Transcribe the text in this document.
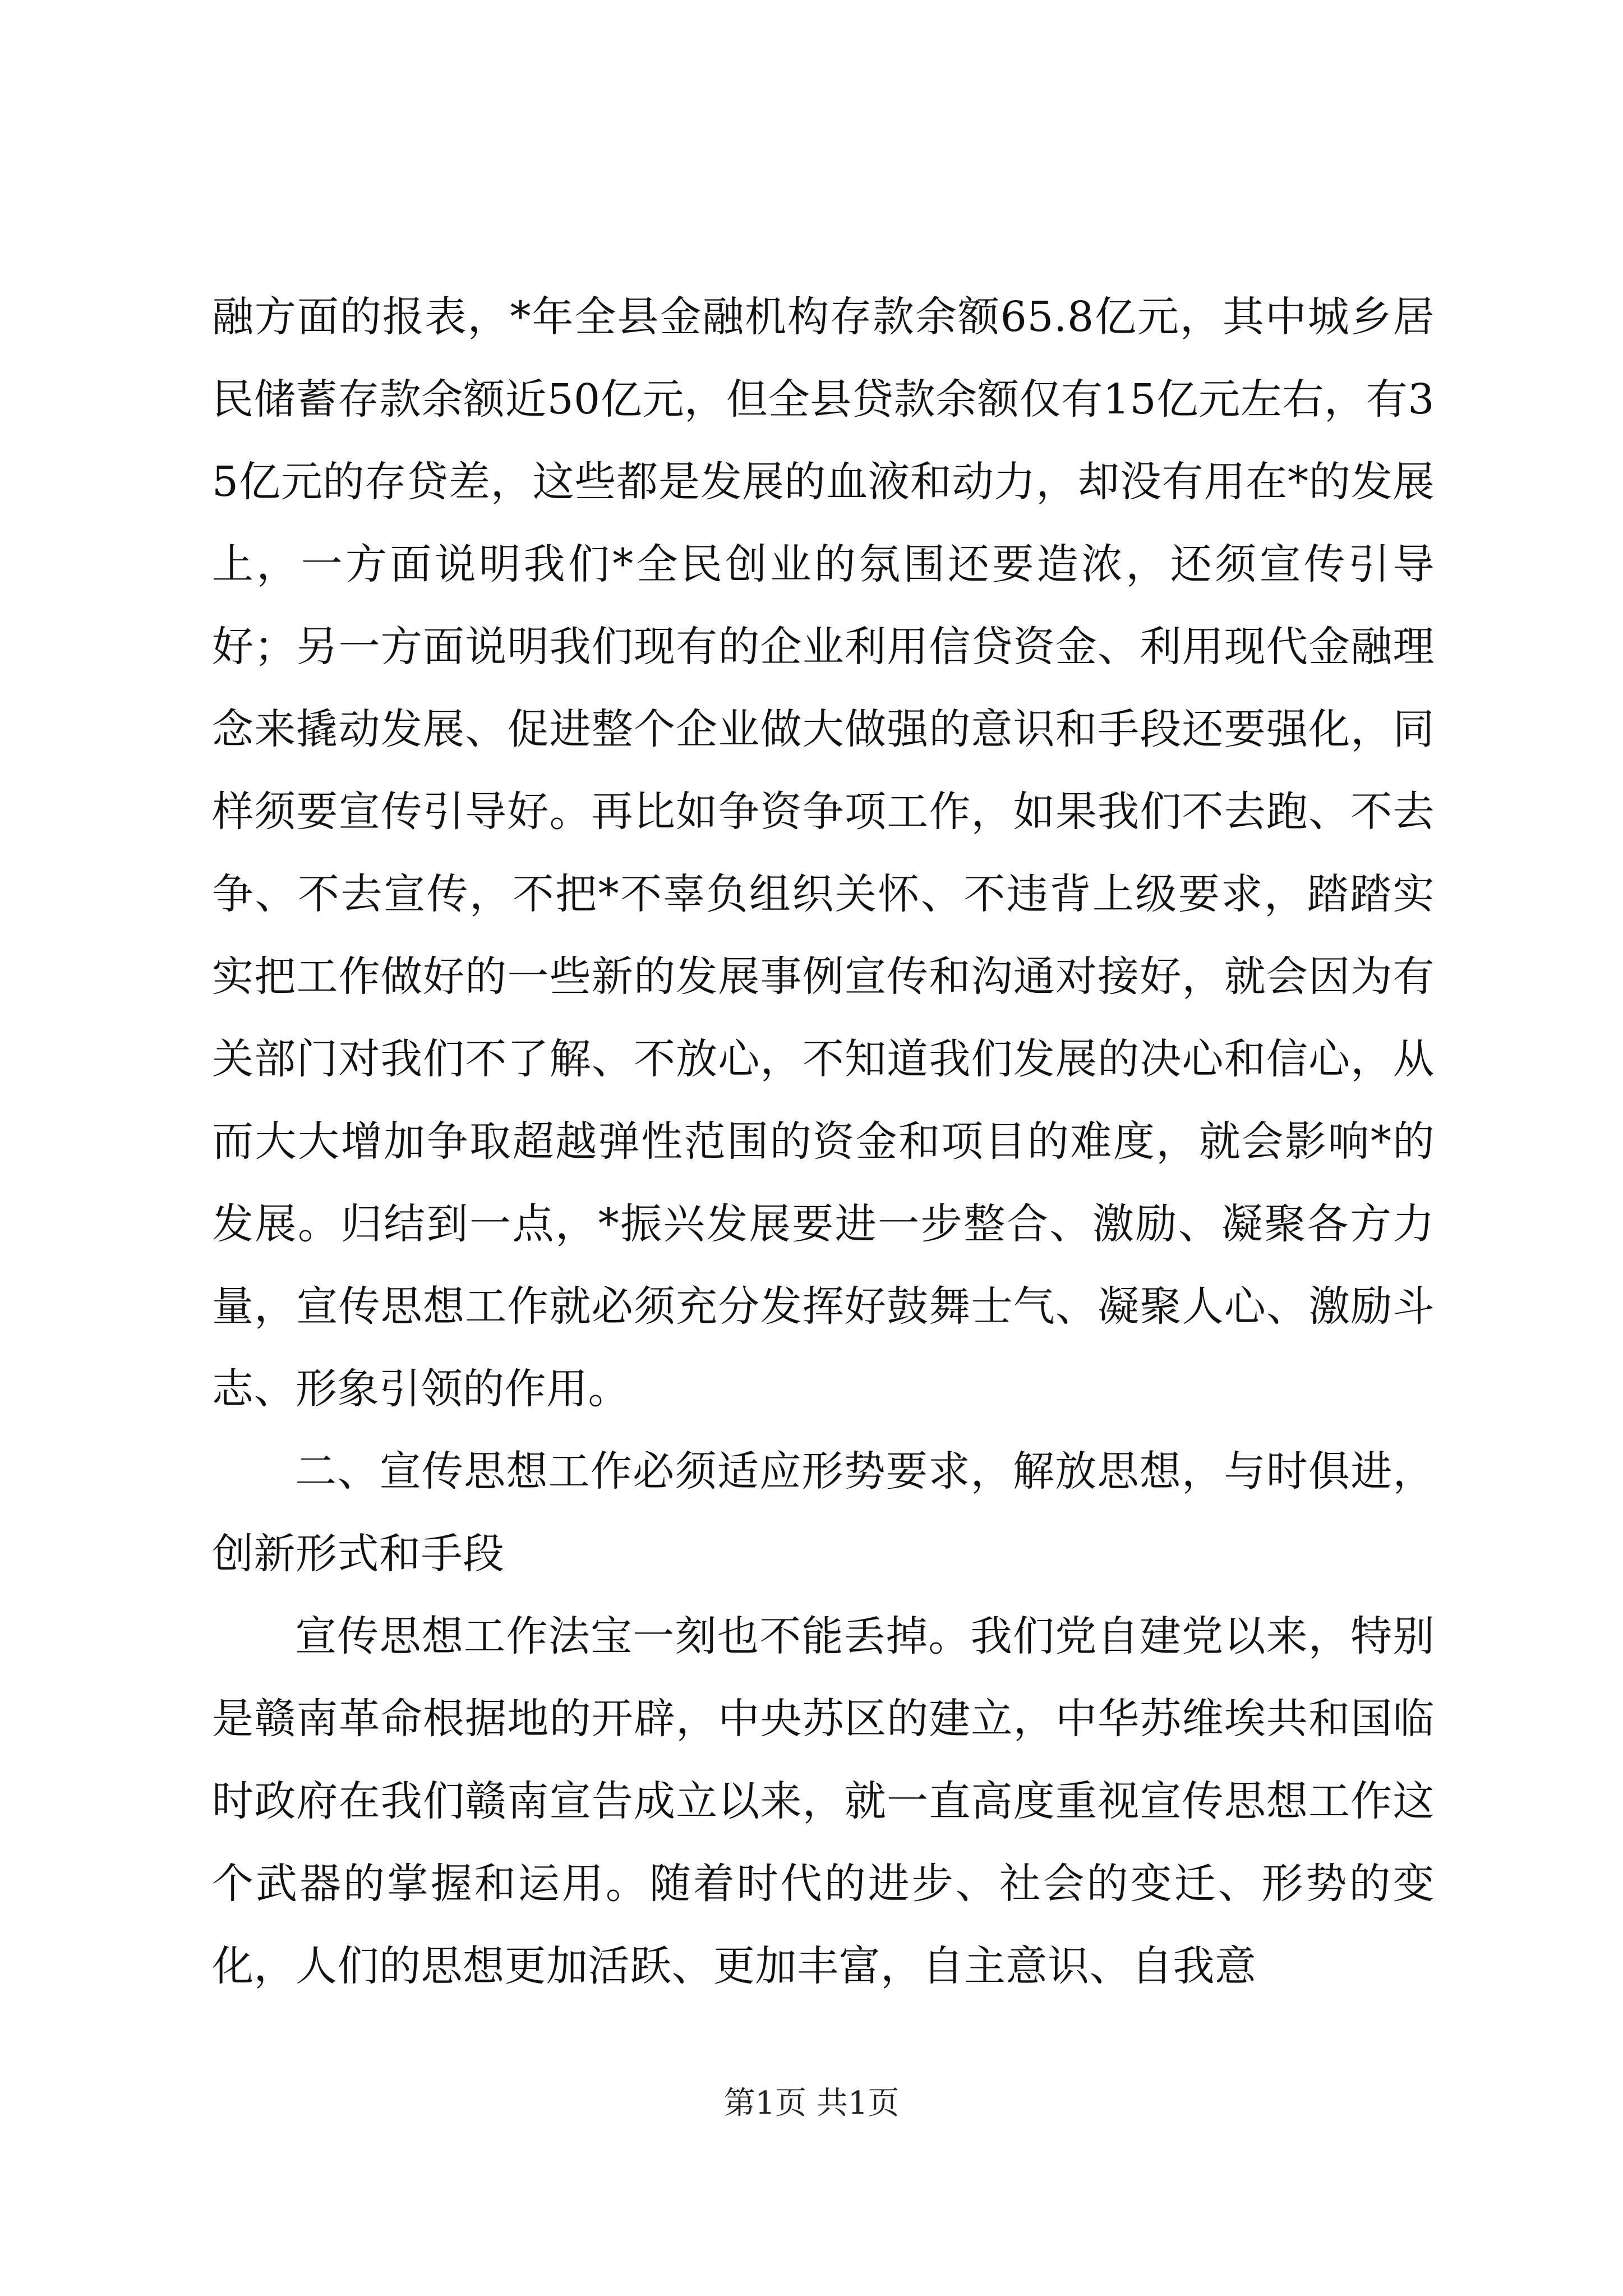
融方面的报表，*年全县金融机构存款余额65.8亿元，其中城乡居民储蓄存款余额近50亿元，但全县贷款余额仅有15亿元左右，有35亿元的存贷差，这些都是发展的血液和动力，却没有用在*的发展上，一方面说明我们*全民创业的氛围还要造浓，还须宣传引导好；另一方面说明我们现有的企业利用信贷资金、利用现代金融理念来撬动发展、促进整个企业做大做强的意识和手段还要强化，同样须要宣传引导好。再比如争资争项工作，如果我们不去跑、不去争、不去宣传，不把*不辜负组织关怀、不违背上级要求，踏踏实实把工作做好的一些新的发展事例宣传和沟通对接好，就会因为有关部门对我们不了解、不放心，不知道我们发展的决心和信心，从而大大增加争取超越弹性范围的资金和项目的难度，就会影响*的发展。归结到一点，*振兴发展要进一步整合、激励、凝聚各方力量，宣传思想工作就必须充分发挥好鼓舞士气、凝聚人心、激励斗志、形象引领的作用。

二、宣传思想工作必须适应形势要求，解放思想，与时俱进，创新形式和手段

宣传思想工作法宝一刻也不能丢掉。我们党自建党以来，特别是赣南革命根据地的开辟，中央苏区的建立，中华苏维埃共和国临时政府在我们赣南宣告成立以来，就一直高度重视宣传思想工作这个武器的掌握和运用。随着时代的进步、社会的变迁、形势的变化，人们的思想更加活跃、更加丰富，自主意识、自我意

第1页 共1页
